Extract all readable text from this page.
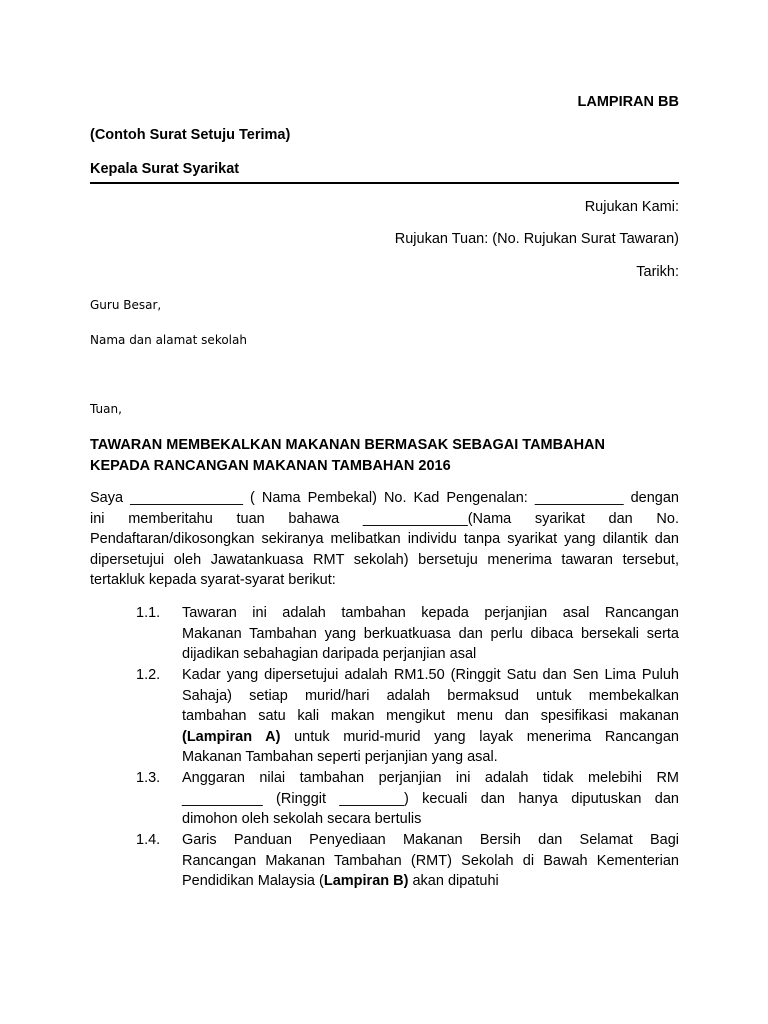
LAMPIRAN BB
(Contoh Surat Setuju Terima)
Kepala Surat Syarikat
Rujukan Kami:
Rujukan Tuan: (No. Rujukan Surat Tawaran)
Tarikh:
Guru Besar,
Nama dan alamat sekolah
Tuan,
TAWARAN MEMBEKALKAN MAKANAN BERMASAK SEBAGAI TAMBAHAN
KEPADA RANCANGAN MAKANAN TAMBAHAN 2016
Saya ______________ ( Nama Pembekal) No. Kad Pengenalan: ___________ dengan
ini memberitahu tuan bahawa _____________(Nama syarikat dan No.
Pendaftaran/dikosongkan sekiranya melibatkan individu tanpa syarikat yang dilantik dan
dipersetujui oleh Jawatankuasa RMT sekolah) bersetuju menerima tawaran tersebut,
tertakluk kepada syarat-syarat berikut:
1.1.	Tawaran ini adalah tambahan kepada perjanjian asal Rancangan
Makanan Tambahan yang berkuatkuasa dan perlu dibaca bersekali serta
dijadikan sebahagian daripada perjanjian asal
1.2.	Kadar yang dipersetujui adalah RM1.50 (Ringgit Satu dan Sen Lima Puluh
Sahaja) setiap murid/hari adalah bermaksud untuk membekalkan
tambahan satu kali makan mengikut menu dan spesifikasi makanan
(Lampiran A) untuk murid-murid yang layak menerima Rancangan
Makanan Tambahan seperti perjanjian yang asal.
1.3.	Anggaran nilai tambahan perjanjian ini adalah tidak melebihi RM
__________ (Ringgit ________) kecuali dan hanya diputuskan dan
dimohon oleh sekolah secara bertulis
1.4.	Garis Panduan Penyediaan Makanan Bersih dan Selamat Bagi
Rancangan Makanan Tambahan (RMT) Sekolah di Bawah Kementerian
Pendidikan Malaysia (Lampiran B) akan dipatuhi
